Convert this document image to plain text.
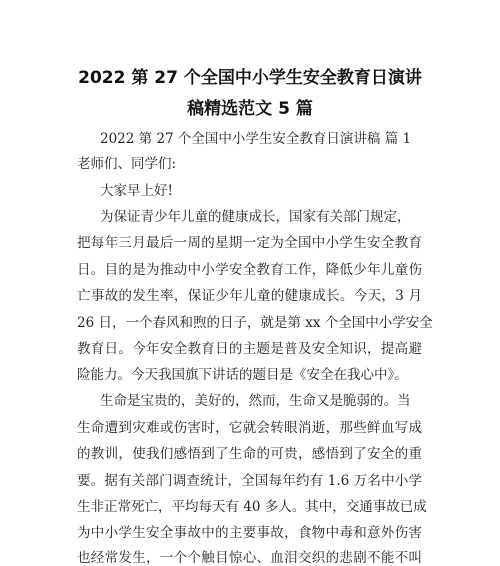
2022 第 27 个全国中小学生安全教育日演讲
稿精选范文 5 篇

2022 第 27 个全国中小学生安全教育日演讲稿 篇 1

老师们、同学们:

大家早上好!

为保证青少年儿童的健康成长，国家有关部门规定，

把每年三月最后一周的星期一定为全国中小学生安全教育

日。目的是为推动中小学安全教育工作，降低少年儿童伤

亡事故的发生率，保证少年儿童的健康成长。今天，3 月

26 日，一个春风和煦的日子，就是第 xx 个全国中小学安全

教育日。今年安全教育日的主题是普及安全知识，提高避

险能力。今天我国旗下讲话的题目是《安全在我心中》。

生命是宝贵的，美好的，然而，生命又是脆弱的。当

生命遭到灾难或伤害时，它就会转眼消逝，那些鲜血写成

的教训，使我们感悟到了生命的可贵，感悟到了安全的重

要。据有关部门调查统计，全国每年约有 1.6 万名中小学

生非正常死亡，平均每天有 40 多人。其中，交通事故已成

为中小学生安全事故中的主要事故，食物中毒和意外伤害

也经常发生，一个个触目惊心、血泪交织的悲剧不能不叫
